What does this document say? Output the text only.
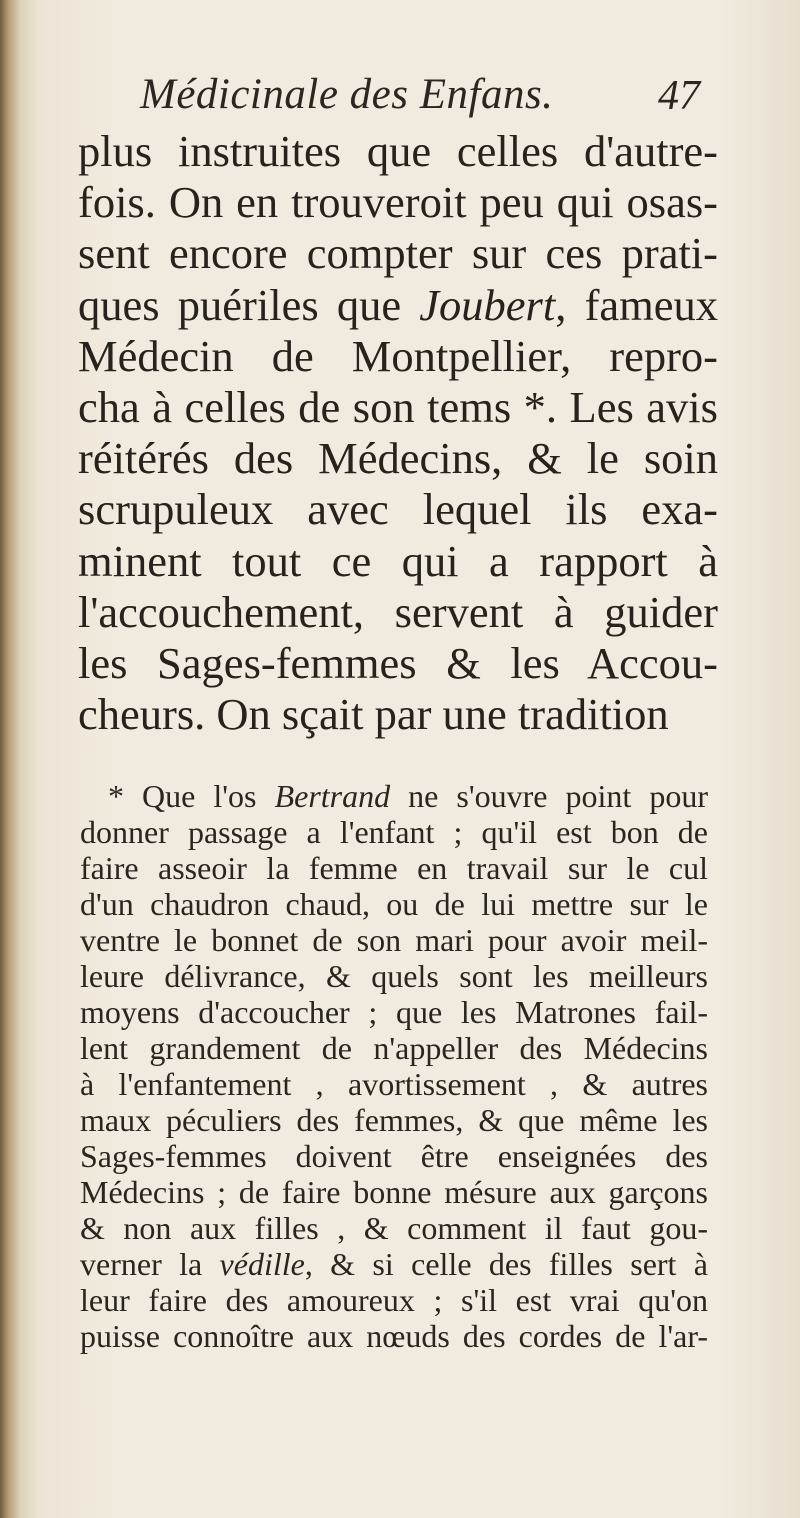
Médicinale des Enfans. 47
plus instruites que celles d'autre-
fois. On en trouveroit peu qui osas-
sent encore compter sur ces prati-
ques puériles que Joubert, fameux
Médecin de Montpellier, repro-
cha à celles de son tems *. Les avis
réitérés des Médecins, & le soin
scrupuleux avec lequel ils exa-
minent tout ce qui a rapport à
l'accouchement, servent à guider
les Sages-femmes & les Accou-
cheurs. On sçait par une tradition
* Que l'os Bertrand ne s'ouvre point pour
donner passage a l'enfant ; qu'il est bon de
faire asseoir la femme en travail sur le cul
d'un chaudron chaud, ou de lui mettre sur le
ventre le bonnet de son mari pour avoir meil-
leure délivrance, & quels sont les meilleurs
moyens d'accoucher ; que les Matrones fail-
lent grandement de n'appeller des Médecins
à l'enfantement , avortissement , & autres
maux péculiers des femmes, & que même les
Sages-femmes doivent être enseignées des
Médecins ; de faire bonne mésure aux garçons
& non aux filles , & comment il faut gou-
verner la védille, & si celle des filles sert à
leur faire des amoureux ; s'il est vrai qu'on
puisse connoître aux nœuds des cordes de l'ar-
